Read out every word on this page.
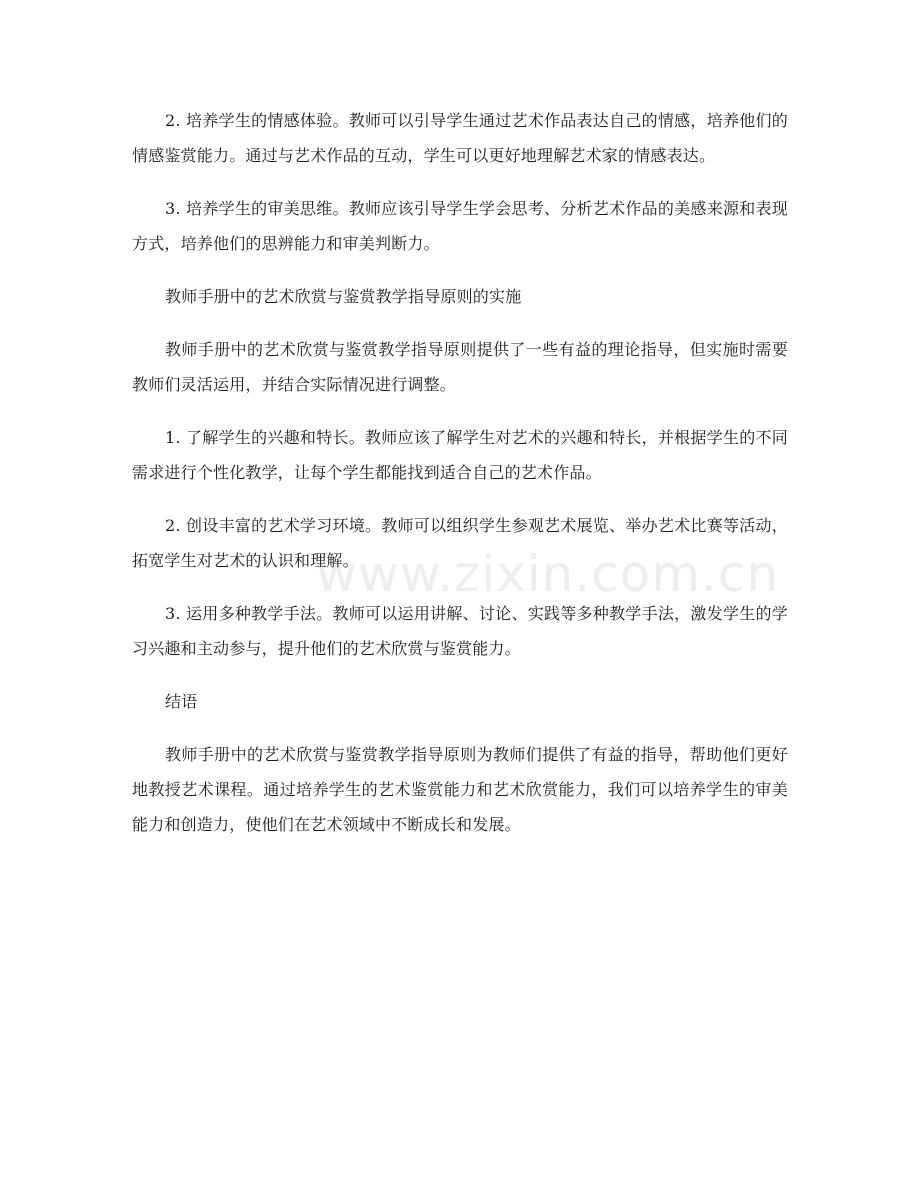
2. 培养学生的情感体验。教师可以引导学生通过艺术作品表达自己的情感，培养他们的情感鉴赏能力。通过与艺术作品的互动，学生可以更好地理解艺术家的情感表达。

3. 培养学生的审美思维。教师应该引导学生学会思考、分析艺术作品的美感来源和表现方式，培养他们的思辨能力和审美判断力。

教师手册中的艺术欣赏与鉴赏教学指导原则的实施

教师手册中的艺术欣赏与鉴赏教学指导原则提供了一些有益的理论指导，但实施时需要教师们灵活运用，并结合实际情况进行调整。

1. 了解学生的兴趣和特长。教师应该了解学生对艺术的兴趣和特长，并根据学生的不同需求进行个性化教学，让每个学生都能找到适合自己的艺术作品。

2. 创设丰富的艺术学习环境。教师可以组织学生参观艺术展览、举办艺术比赛等活动，拓宽学生对艺术的认识和理解。

3. 运用多种教学手法。教师可以运用讲解、讨论、实践等多种教学手法，激发学生的学习兴趣和主动参与，提升他们的艺术欣赏与鉴赏能力。

结语

教师手册中的艺术欣赏与鉴赏教学指导原则为教师们提供了有益的指导，帮助他们更好地教授艺术课程。通过培养学生的艺术鉴赏能力和艺术欣赏能力，我们可以培养学生的审美能力和创造力，使他们在艺术领域中不断成长和发展。

www.zixin.com.cn
